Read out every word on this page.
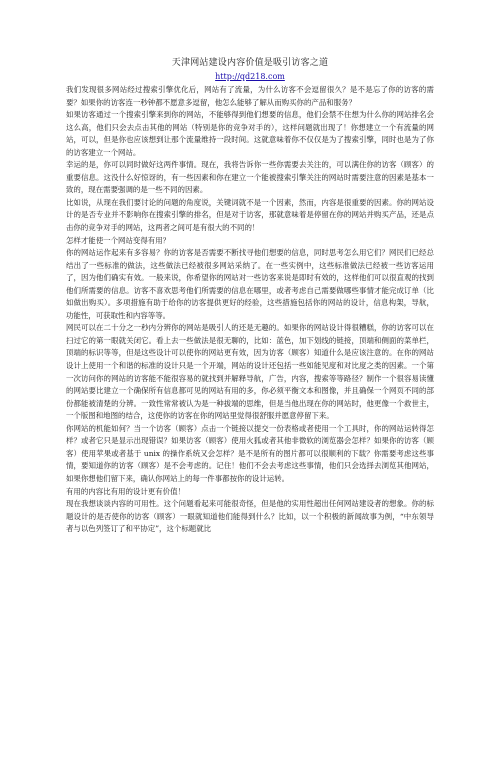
天津网站建设内容价值是吸引访客之道
http://qd218.com

我们发现很多网站经过搜索引擎优化后，网站有了流量，为什么访客不会逗留很久？是不是忘了你的访客的需要？如果你的访客连一秒钟都不愿意多逗留，他怎么能够了解从而购买你的产品和服务？

如果访客通过一个搜索引擎来到你的网站，不能够得到他们想要的信息，他们会禁不住想为什么你的网站排名会这么高，他们只会去点击其他的网站（特别是你的竞争对手的），这样问题就出现了！你想建立一个有流量的网站，可以，但是你也应该想到让那个流量维持一段时间。这就意味着你不仅仅是为了搜索引擎，同时也是为了你的访客建立一个网站。

幸运的是，你可以同时做好这两件事情。现在，我将告诉你一些你需要去关注的，可以满住你的访客（顾客）的重要信息。这没什么好惊讶的，有一些因素和你在建立一个能被搜索引擎关注的网站时需要注意的因素是基本一致的，现在需要强调的是一些不同的因素。

比如说，从现在我们要讨论的问题的角度说，关键词就不是一个因素，然而，内容是很重要的因素。你的网站设计的是否专业并不影响你在搜索引擎的排名，但是对于访客，那就意味着是停留在你的网站并购买产品，还是点击你的竞争对手的网站，这两者之间可是有很大的不同的！

怎样才能使一个网站变得有用？

你的网站运作起来有多容易？你的访客是否需要不断找寻他们想要的信息，同时思考怎么用它们？网民们已经总结出了一些标准的做法，这些做法已经被很多网站采纳了。在一些实例中，这些标准做法已经被一些访客运用了，因为他们确实有效。一般来说，你希望你的网站对一些访客来说是即时有效的，这样他们可以很直观的找到他们所需要的信息。访客不喜欢思考他们所需要的信息在哪里，或者考虑自己需要做哪些事情才能完成订单（比如做出购买）。多项措施有助于给你的访客提供更好的经验，这些措施包括你的网站的设计，信息构架，导航，功能性，可获取性和内容等等。

网民可以在二十分之一秒内分辨你的网站是吸引人的还是无趣的。如果你的网站设计得很糟糕，你的访客可以在扫过它的第一眼就关闭它。看上去一些做法是很无聊的，比如：蓝色，加下划线的链接，顶端和侧面的菜单栏，顶端的标识等等，但是这些设计可以使你的网站更有效，因为访客（顾客）知道什么是应该注意的。在你的网站设计上使用一个和谐的标准的设计只是一个开端，网站的设计还包括一些如能见度和对比度之类的因素。一个第一次访问你的网站的访客能不能很容易的就找到并解释导航，广告，内容，搜索等等路径？制作一个很容易读懂的网站要比建立一个确保所有信息都可见的网站有用的多，你必须平衡文本和图像，并且确保一个网页不同的部份都能被清楚的分辨。一致性常常被认为是一种拔端的思维，但是当他出现在你的网站时，他更像一个救世主，一个版图和地图的结合，这使你的访客在你的网站里觉得很舒服并愿意停留下来。

你网站的机能如何？当一个访客（顾客）点击一个链接以提交一份表格或者使用一个工具时，你的网站运转得怎样？或者它只是显示出现错误？如果访客（顾客）使用火狐或者其他非微软的浏览器会怎样？如果你的访客（顾客）使用苹果或者基于 unix 的操作系统又会怎样？是不是所有的图片都可以很顺利的下载？你需要考虑这些事情，要知道你的访客（顾客）是不会考虑的。记住！他们不会去考虑这些事情，他们只会选择去浏览其他网站，如果你想他们留下来，确认你网站上的每一件事都按你的设计运转。

有用的内容比有用的设计更有价值！

现在我想谈谈内容的可用性。这个问题看起来可能很奇怪，但是他的实用性超出任何网站建设者的想象。你的标题设计的是否使你的访客（顾客）一眼就知道他们能得到什么？比如，以一个积极的新闻故事为例，“中东领导者与以色列签订了和平协定”，这个标题就比
